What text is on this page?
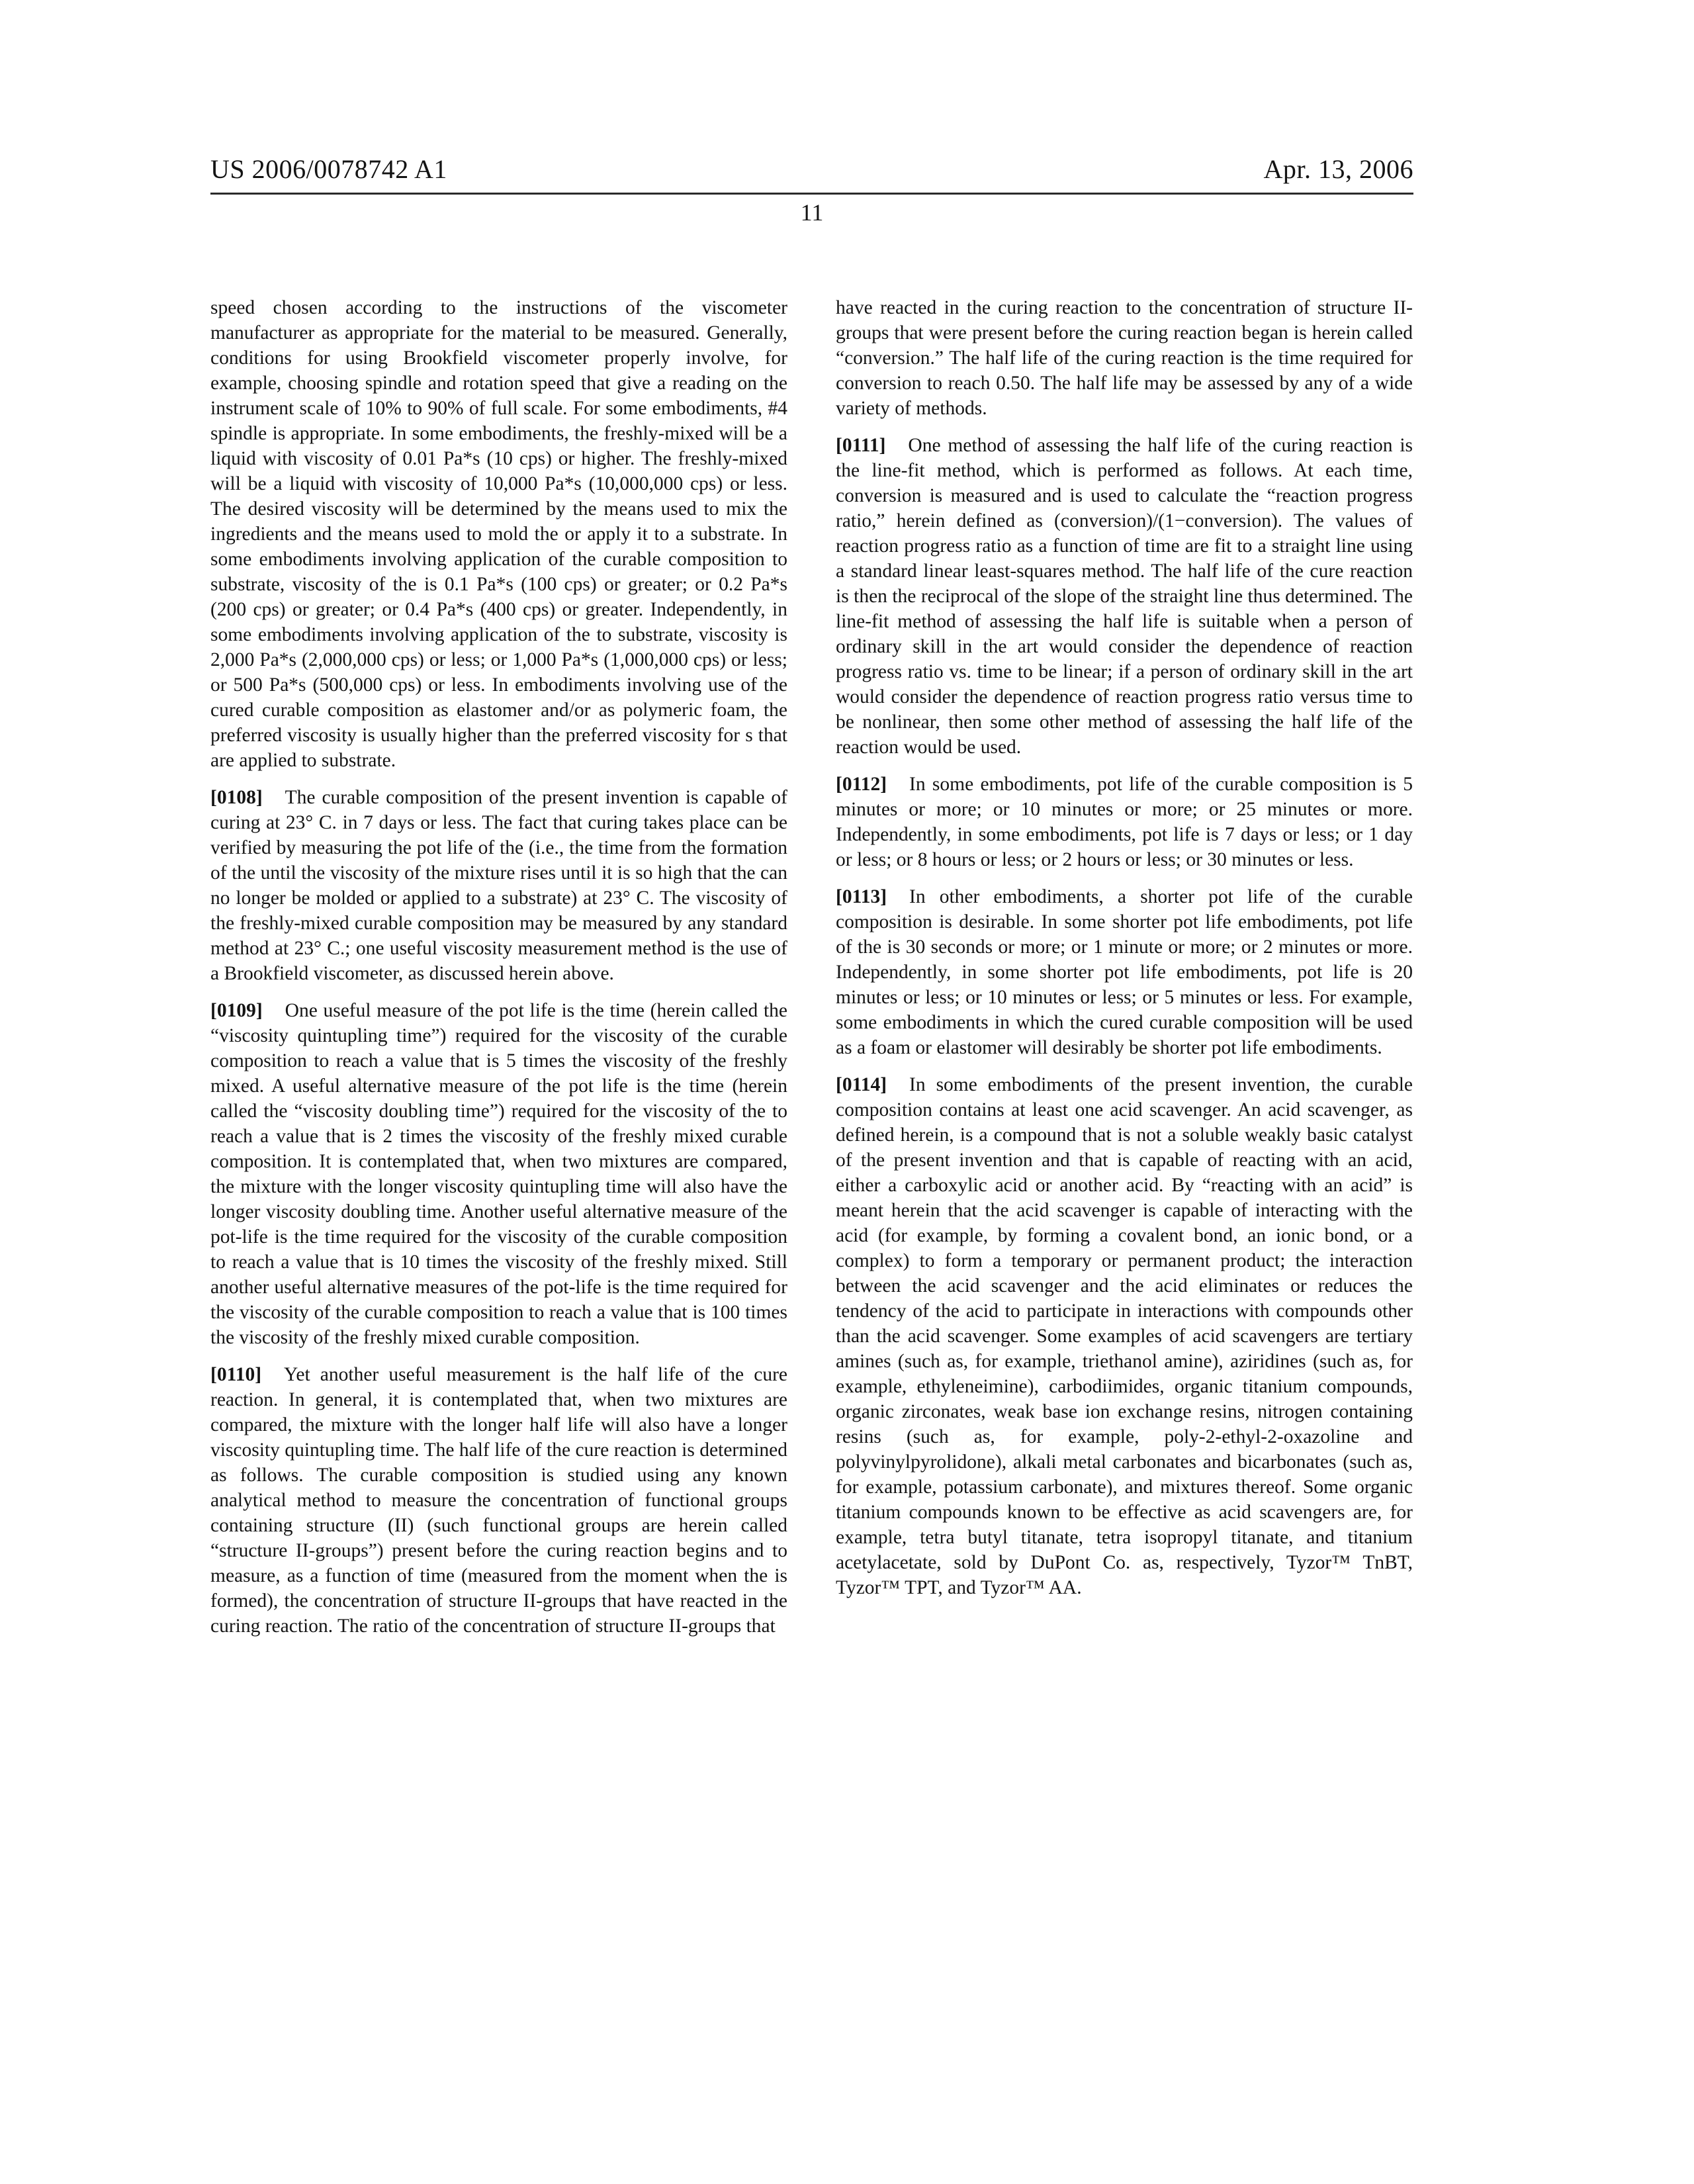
US 2006/0078742 A1	Apr. 13, 2006
11

speed chosen according to the instructions of the viscometer manufacturer as appropriate for the material to be measured. Generally, conditions for using Brookfield viscometer properly involve, for example, choosing spindle and rotation speed that give a reading on the instrument scale of 10% to 90% of full scale. For some embodiments, #4 spindle is appropriate. In some embodiments, the freshly-mixed will be a liquid with viscosity of 0.01 Pa*s (10 cps) or higher. The freshly-mixed will be a liquid with viscosity of 10,000 Pa*s (10,000,000 cps) or less. The desired viscosity will be determined by the means used to mix the ingredients and the means used to mold the or apply it to a substrate. In some embodiments involving application of the curable composition to substrate, viscosity of the is 0.1 Pa*s (100 cps) or greater; or 0.2 Pa*s (200 cps) or greater; or 0.4 Pa*s (400 cps) or greater. Independently, in some embodiments involving application of the to substrate, viscosity is 2,000 Pa*s (2,000,000 cps) or less; or 1,000 Pa*s (1,000,000 cps) or less; or 500 Pa*s (500,000 cps) or less. In embodiments involving use of the cured curable composition as elastomer and/or as polymeric foam, the preferred viscosity is usually higher than the preferred viscosity for s that are applied to substrate.

[0108] The curable composition of the present invention is capable of curing at 23° C. in 7 days or less. The fact that curing takes place can be verified by measuring the pot life of the (i.e., the time from the formation of the until the viscosity of the mixture rises until it is so high that the can no longer be molded or applied to a substrate) at 23° C. The viscosity of the freshly-mixed curable composition may be measured by any standard method at 23° C.; one useful viscosity measurement method is the use of a Brookfield viscometer, as discussed herein above.

[0109] One useful measure of the pot life is the time (herein called the “viscosity quintupling time”) required for the viscosity of the curable composition to reach a value that is 5 times the viscosity of the freshly mixed. A useful alternative measure of the pot life is the time (herein called the “viscosity doubling time”) required for the viscosity of the to reach a value that is 2 times the viscosity of the freshly mixed curable composition. It is contemplated that, when two mixtures are compared, the mixture with the longer viscosity quintupling time will also have the longer viscosity doubling time. Another useful alternative measure of the pot-life is the time required for the viscosity of the curable composition to reach a value that is 10 times the viscosity of the freshly mixed. Still another useful alternative measures of the pot-life is the time required for the viscosity of the curable composition to reach a value that is 100 times the viscosity of the freshly mixed curable composition.

[0110] Yet another useful measurement is the half life of the cure reaction. In general, it is contemplated that, when two mixtures are compared, the mixture with the longer half life will also have a longer viscosity quintupling time. The half life of the cure reaction is determined as follows. The curable composition is studied using any known analytical method to measure the concentration of functional groups containing structure (II) (such functional groups are herein called “structure II-groups”) present before the curing reaction begins and to measure, as a function of time (measured from the moment when the is formed), the concentration of structure II-groups that have reacted in the curing reaction. The ratio of the concentration of structure II-groups that

have reacted in the curing reaction to the concentration of structure II-groups that were present before the curing reaction began is herein called “conversion.” The half life of the curing reaction is the time required for conversion to reach 0.50. The half life may be assessed by any of a wide variety of methods.

[0111] One method of assessing the half life of the curing reaction is the line-fit method, which is performed as follows. At each time, conversion is measured and is used to calculate the “reaction progress ratio,” herein defined as (conversion)/(1−conversion). The values of reaction progress ratio as a function of time are fit to a straight line using a standard linear least-squares method. The half life of the cure reaction is then the reciprocal of the slope of the straight line thus determined. The line-fit method of assessing the half life is suitable when a person of ordinary skill in the art would consider the dependence of reaction progress ratio vs. time to be linear; if a person of ordinary skill in the art would consider the dependence of reaction progress ratio versus time to be nonlinear, then some other method of assessing the half life of the reaction would be used.

[0112] In some embodiments, pot life of the curable composition is 5 minutes or more; or 10 minutes or more; or 25 minutes or more. Independently, in some embodiments, pot life is 7 days or less; or 1 day or less; or 8 hours or less; or 2 hours or less; or 30 minutes or less.

[0113] In other embodiments, a shorter pot life of the curable composition is desirable. In some shorter pot life embodiments, pot life of the is 30 seconds or more; or 1 minute or more; or 2 minutes or more. Independently, in some shorter pot life embodiments, pot life is 20 minutes or less; or 10 minutes or less; or 5 minutes or less. For example, some embodiments in which the cured curable composition will be used as a foam or elastomer will desirably be shorter pot life embodiments.

[0114] In some embodiments of the present invention, the curable composition contains at least one acid scavenger. An acid scavenger, as defined herein, is a compound that is not a soluble weakly basic catalyst of the present invention and that is capable of reacting with an acid, either a carboxylic acid or another acid. By “reacting with an acid” is meant herein that the acid scavenger is capable of interacting with the acid (for example, by forming a covalent bond, an ionic bond, or a complex) to form a temporary or permanent product; the interaction between the acid scavenger and the acid eliminates or reduces the tendency of the acid to participate in interactions with compounds other than the acid scavenger. Some examples of acid scavengers are tertiary amines (such as, for example, triethanol amine), aziridines (such as, for example, ethyleneimine), carbodiimides, organic titanium compounds, organic zirconates, weak base ion exchange resins, nitrogen containing resins (such as, for example, poly-2-ethyl-2-oxazoline and polyvinylpyrolidone), alkali metal carbonates and bicarbonates (such as, for example, potassium carbonate), and mixtures thereof. Some organic titanium compounds known to be effective as acid scavengers are, for example, tetra butyl titanate, tetra isopropyl titanate, and titanium acetylacetate, sold by DuPont Co. as, respectively, Tyzor™ TnBT, Tyzor™ TPT, and Tyzor™ AA.
